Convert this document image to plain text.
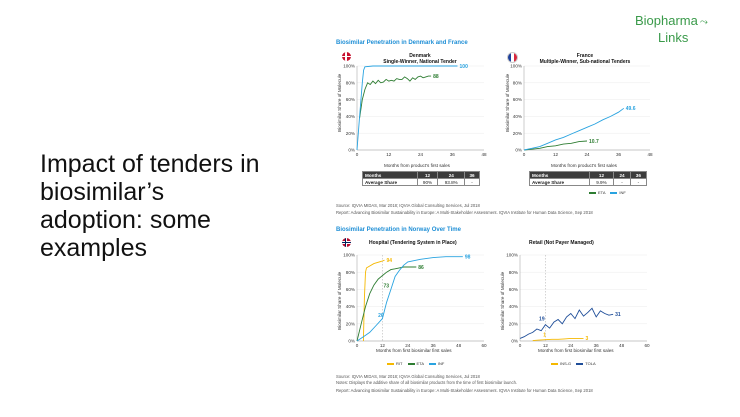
Impact of tenders in
biosimilar’s
adoption: some
examples
Biopharma ⤳
Links
Biosimilar Penetration in Denmark and France
Denmark
Single-Winner, National Tender
France
Multiple-Winner, Sub-national Tenders
0%
20%
40%
60%
80%
100%
0	12	24	36	48
88
100
0%
20%
40%
60%
80%
100%
0	12	24	36	48
10.7
49.6
Biosimilar Share of Molecule
Months from product's first sales
Biosimilar Share of Molecule
Months from product's first sales
Months	12	24	36
Average Share	90%	93.8%	-
Months	12	24	36
Average Share	9.9%	-	-
ETA	INF
Source: IQVIA MIDAS, Mar 2018; IQVIA Global Consulting Services, Jul 2018
Report: Advancing Biosimilar Sustainability in Europe: A Multi-Stakeholder Assessment. IQVIA Institute for Human Data Science, Sep 2018
Biosimilar Penetration in Norway Over Time
Hospital (Tendering System in Place)	Retail (Not Payer Managed)
0%
20%
40%
60%
80%
100%
0	12	24	36	48	60
94
86
98
0%
20%
40%
60%
80%
100%
0	12	24	36	48	60
3
31
73
26
19
1
Biosimilar Share of Molecule
Months from first biosimilar first sales
Biosimilar Share of Molecule
Months from first biosimilar first sales
RIT	ETA	INF	INS-G	TOLA
Source: IQVIA MIDAS, Mar 2018; IQVIA Global Consulting Services, Jul 2018
Notes: Displays the additive share of all biosimilar products from the time of first biosimilar launch.
Report: Advancing Biosimilar Sustainability in Europe: A Multi-Stakeholder Assessment. IQVIA Institute for Human Data Science, Sep 2018
